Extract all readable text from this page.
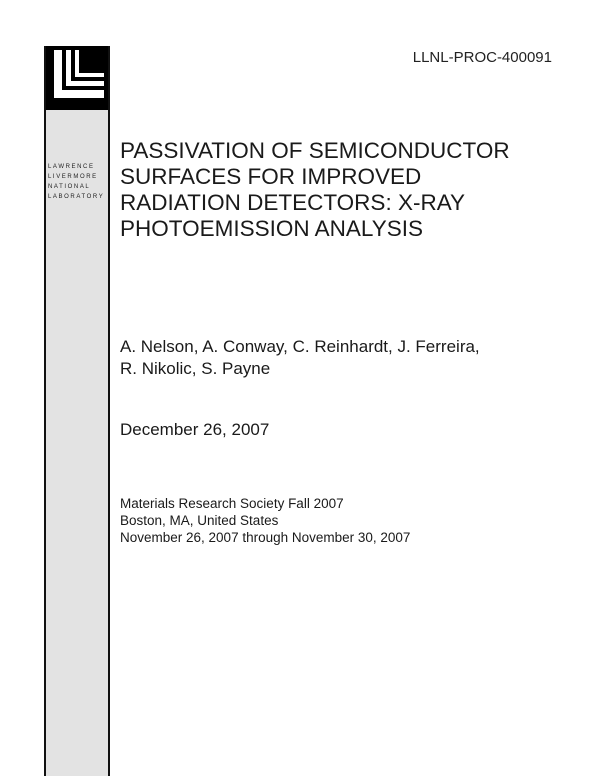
LAWRENCE
LIVERMORE
NATIONAL
LABORATORY
LLNL-PROC-400091
PASSIVATION OF SEMICONDUCTOR
SURFACES FOR IMPROVED
RADIATION DETECTORS: X-RAY
PHOTOEMISSION ANALYSIS
A. Nelson, A. Conway, C. Reinhardt, J. Ferreira,
R. Nikolic, S. Payne
December 26, 2007
Materials Research Society Fall 2007
Boston, MA, United States
November 26, 2007 through November 30, 2007
